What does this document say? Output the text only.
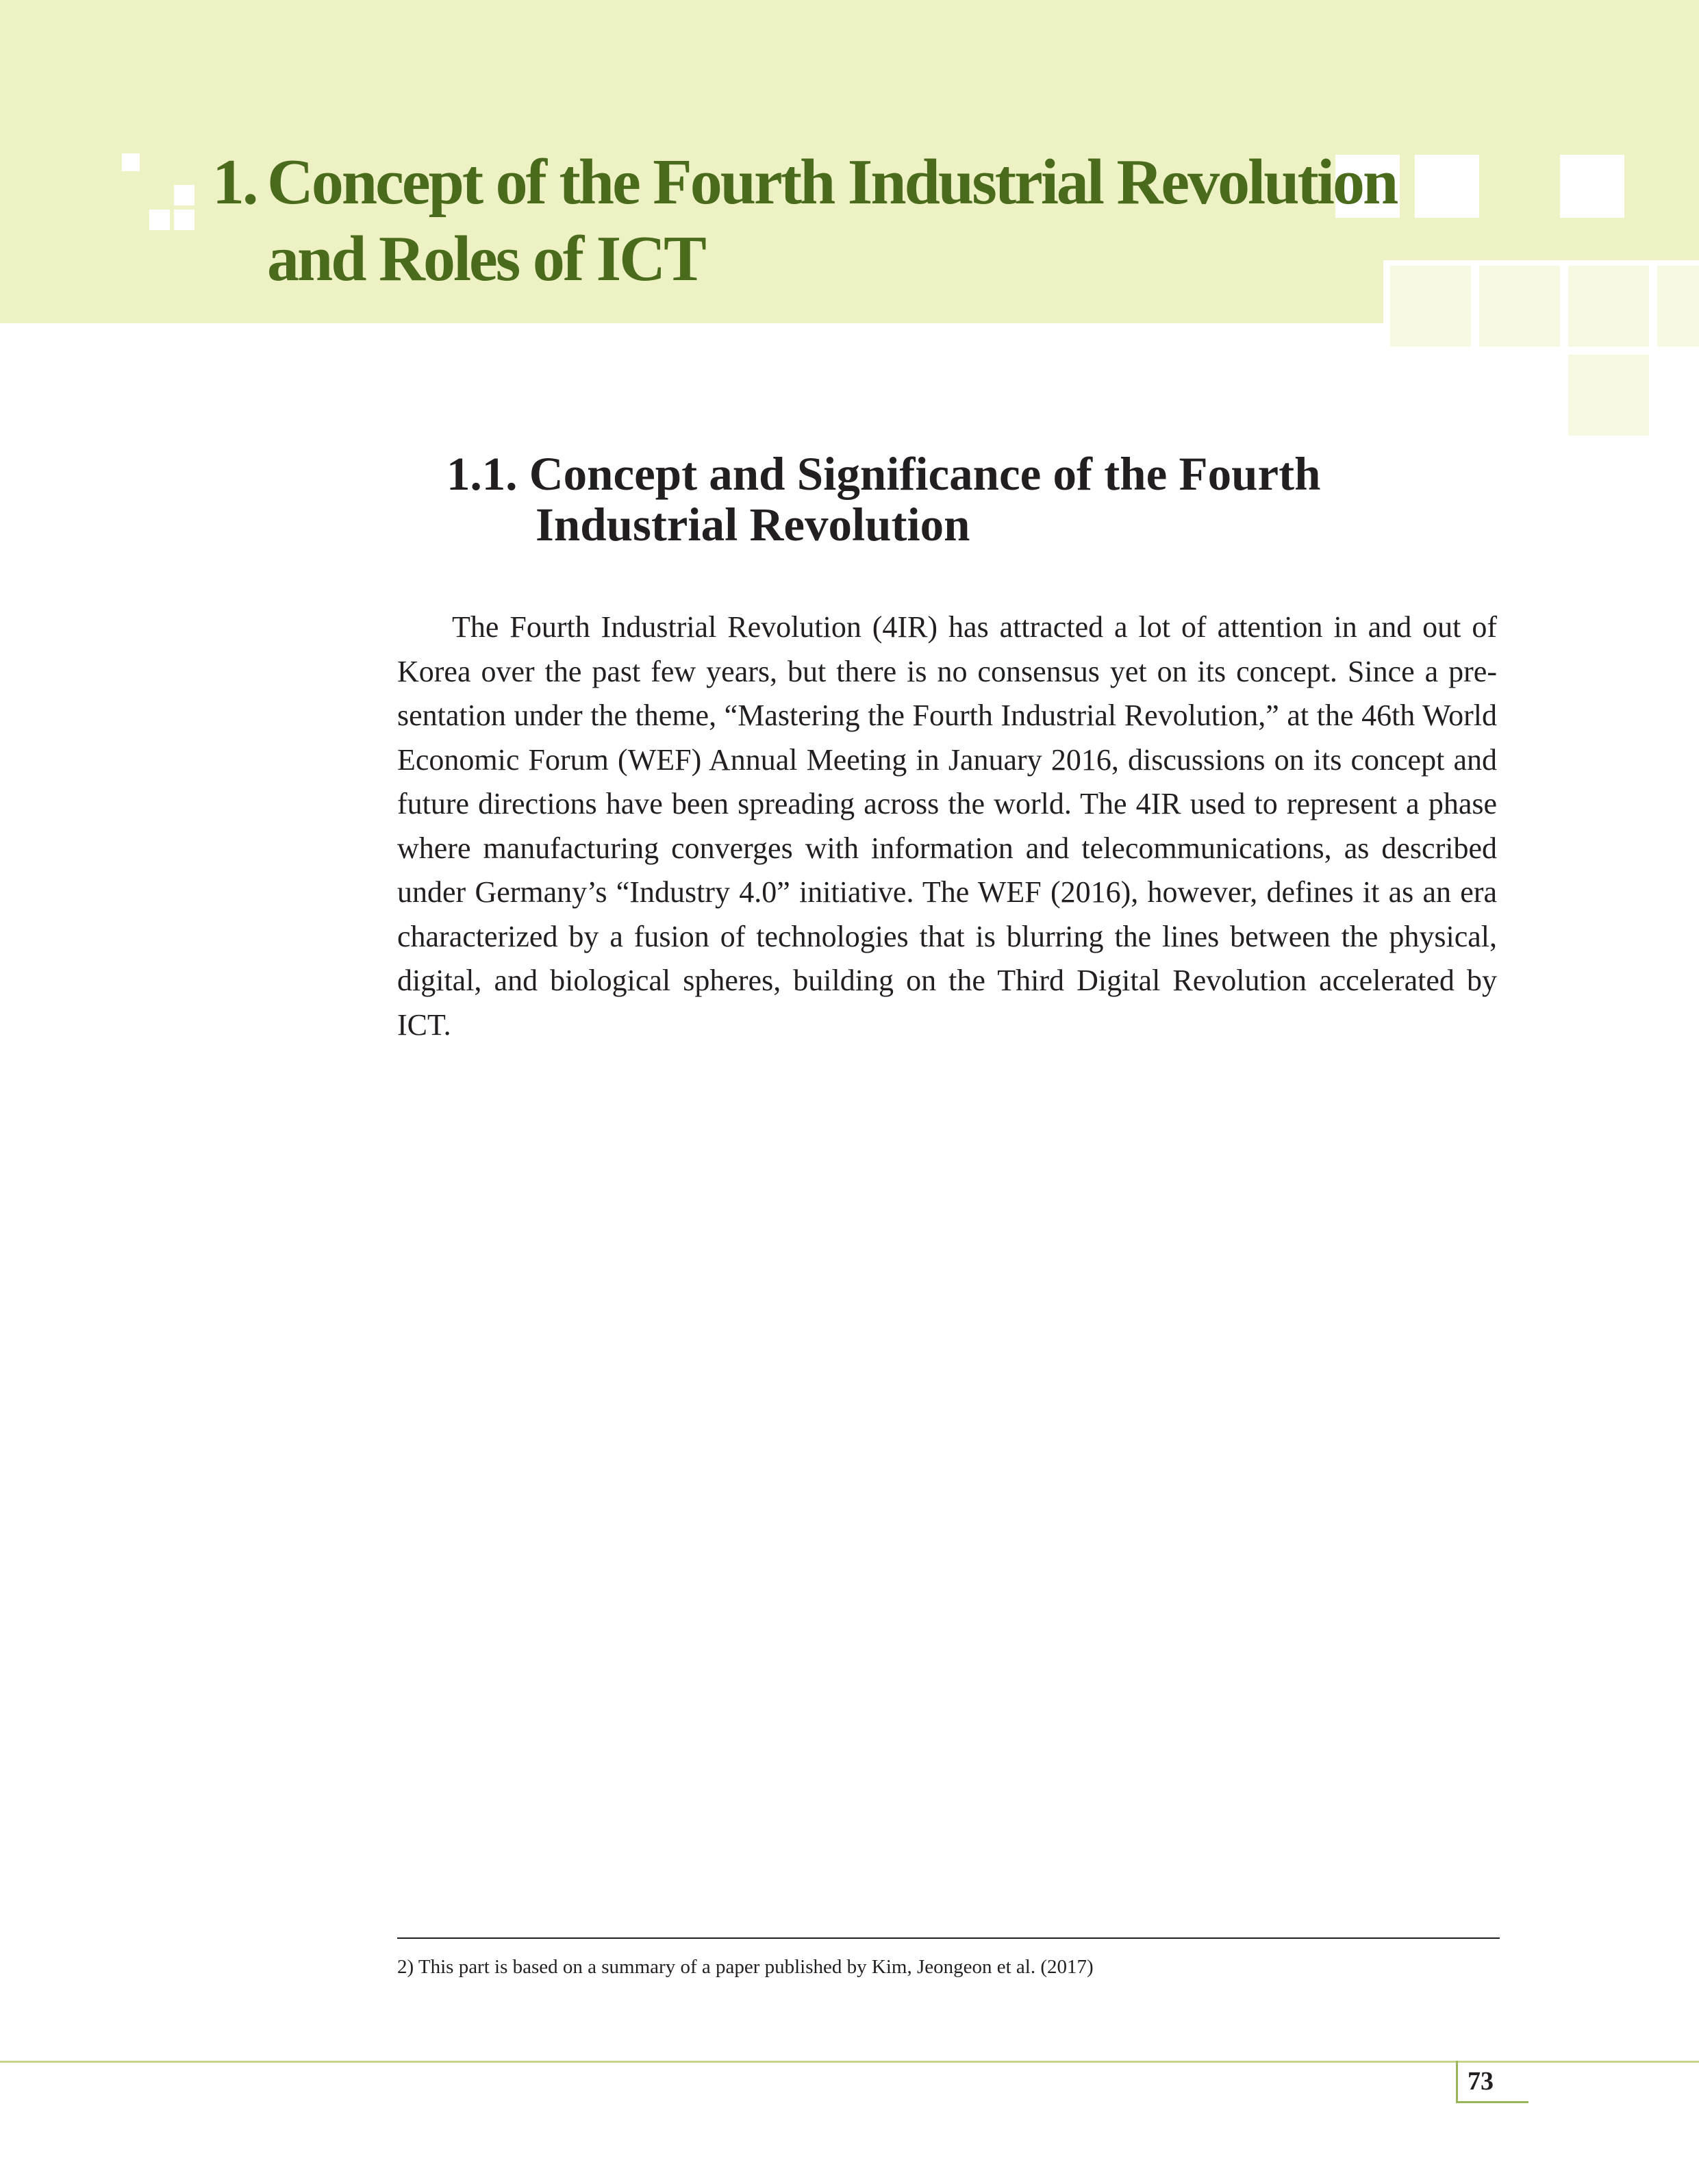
1. Concept of the Fourth Industrial Revolution
and Roles of ICT
1.1. Concept and Significance of the Fourth
Industrial Revolution

The Fourth Industrial Revolution (4IR) has attracted a lot of attention in and out of Korea over the past few years, but there is no consensus yet on its concept. Since a presentation under the theme, “Mastering the Fourth Industrial Revolution,” at the 46th World Economic Forum (WEF) Annual Meeting in January 2016, discussions on its concept and future directions have been spreading across the world. The 4IR used to represent a phase where manufacturing converges with information and telecommunications, as described under Germany’s “Industry 4.0” initiative. The WEF (2016), however, defines it as an era characterized by a fusion of technologies that is blurring the lines between the physical, digital, and biological spheres, building on the Third Digital Revolution accelerated by ICT.

2) This part is based on a summary of a paper published by Kim, Jeongeon et al. (2017)

73
